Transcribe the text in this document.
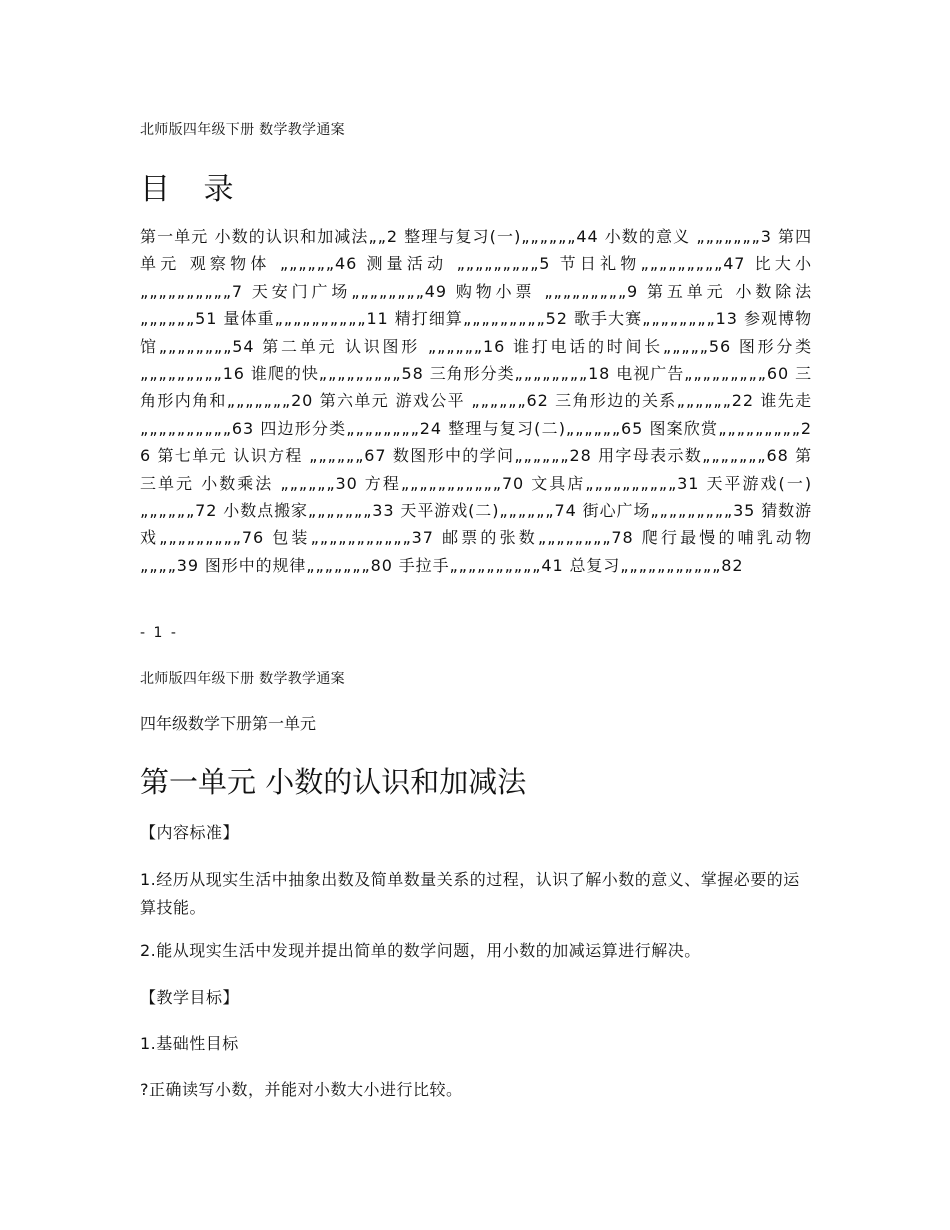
北师版四年级下册 数学教学通案
目 录
第一单元 小数的认识和加减法„„2 整理与复习(一)„„„„„„44 小数的意义 „„„„„„„3 第四单元 观察物体 „„„„„„46 测量活动 „„„„„„„„„5 节日礼物„„„„„„„„„47 比大小 „„„„„„„„„„7 天安门广场„„„„„„„„49 购物小票 „„„„„„„„„9 第五单元 小数除法 „„„„„„51 量体重„„„„„„„„„„11 精打细算„„„„„„„„„52 歌手大赛„„„„„„„„13 参观博物馆„„„„„„„„54 第二单元 认识图形 „„„„„„16 谁打电话的时间长„„„„„56 图形分类„„„„„„„„„16 谁爬的快„„„„„„„„„58 三角形分类„„„„„„„„18 电视广告„„„„„„„„„60 三角形内角和„„„„„„„20 第六单元 游戏公平 „„„„„„62 三角形边的关系„„„„„„22 谁先走„„„„„„„„„„63 四边形分类„„„„„„„„24 整理与复习(二)„„„„„„65 图案欣赏„„„„„„„„„26 第七单元 认识方程 „„„„„„67 数图形中的学问„„„„„„28 用字母表示数„„„„„„„68 第三单元 小数乘法 „„„„„„30 方程„„„„„„„„„„„70 文具店„„„„„„„„„„31 天平游戏(一)„„„„„„72 小数点搬家„„„„„„„33 天平游戏(二)„„„„„„74 街心广场„„„„„„„„„35 猜数游戏„„„„„„„„„76 包装„„„„„„„„„„„37 邮票的张数„„„„„„„„78 爬行最慢的哺乳动物„„„„39 图形中的规律„„„„„„„80 手拉手„„„„„„„„„„41 总复习„„„„„„„„„„„82
- 1 -
北师版四年级下册 数学教学通案
四年级数学下册第一单元
第一单元 小数的认识和加减法
【内容标准】
1.经历从现实生活中抽象出数及简单数量关系的过程，认识了解小数的意义、掌握必要的运算技能。
2.能从现实生活中发现并提出简单的数学问题，用小数的加减运算进行解决。
【教学目标】
1.基础性目标
?正确读写小数，并能对小数大小进行比较。
